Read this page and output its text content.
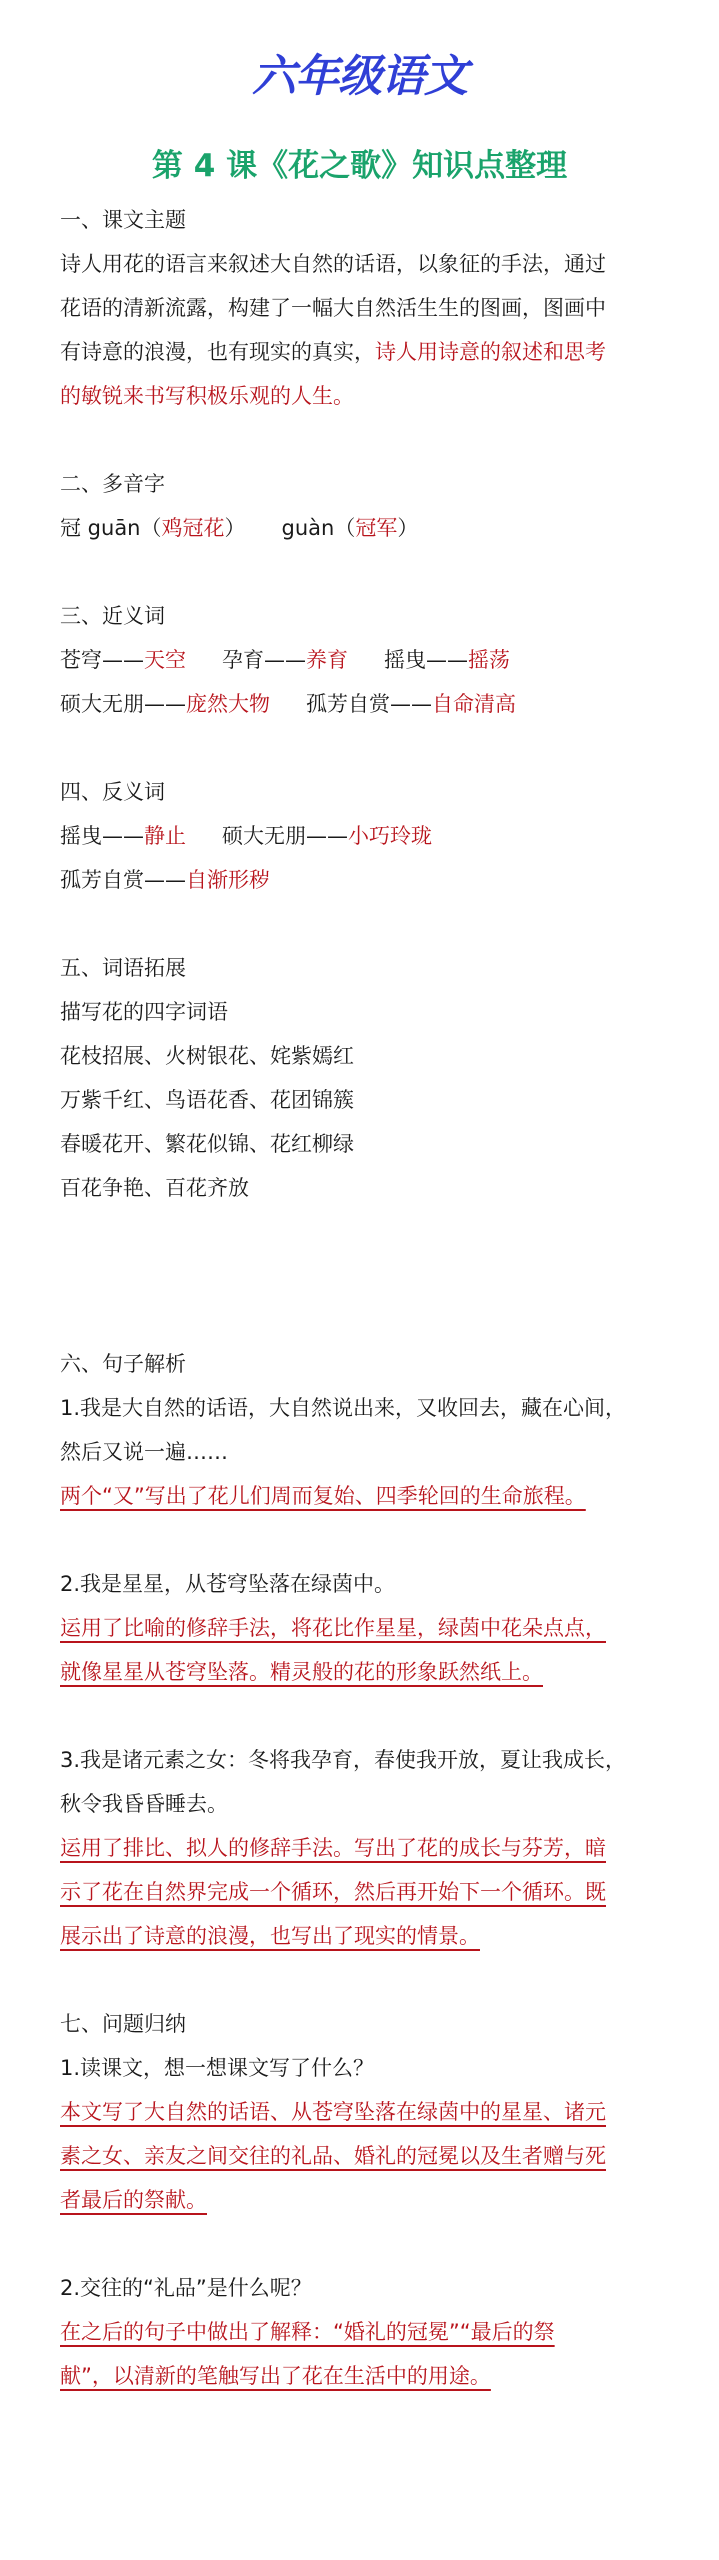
六年级语文
第 4 课《花之歌》知识点整理

一、课文主题

诗人用花的语言来叙述大自然的话语，以象征的手法，通过

花语的清新流露，构建了一幅大自然活生生的图画，图画中

有诗意的浪漫，也有现实的真实，诗人用诗意的叙述和思考

的敏锐来书写积极乐观的人生。

二、多音字

冠 guān（鸡冠花） guàn（冠军）

三、近义词

苍穹——天空 孕育——养育 摇曳——摇荡

硕大无朋——庞然大物 孤芳自赏——自命清高

四、反义词

摇曳——静止 硕大无朋——小巧玲珑

孤芳自赏——自渐形秽

五、词语拓展

描写花的四字词语

花枝招展、火树银花、姹紫嫣红

万紫千红、鸟语花香、花团锦簇

春暖花开、繁花似锦、花红柳绿

百花争艳、百花齐放

六、句子解析

1.我是大自然的话语，大自然说出来，又收回去，藏在心间，

然后又说一遍……

两个“又”写出了花儿们周而复始、四季轮回的生命旅程。

2.我是星星，从苍穹坠落在绿茵中。

运用了比喻的修辞手法，将花比作星星，绿茵中花朵点点，

就像星星从苍穹坠落。精灵般的花的形象跃然纸上。

3.我是诸元素之女：冬将我孕育，春使我开放，夏让我成长，

秋令我昏昏睡去。

运用了排比、拟人的修辞手法。写出了花的成长与芬芳，暗

示了花在自然界完成一个循环，然后再开始下一个循环。既

展示出了诗意的浪漫，也写出了现实的情景。

七、问题归纳

1.读课文，想一想课文写了什么？

本文写了大自然的话语、从苍穹坠落在绿茵中的星星、诸元

素之女、亲友之间交往的礼品、婚礼的冠冕以及生者赠与死

者最后的祭献。

2.交往的“礼品”是什么呢？

在之后的句子中做出了解释：“婚礼的冠冕”“最后的祭

献”，以清新的笔触写出了花在生活中的用途。
